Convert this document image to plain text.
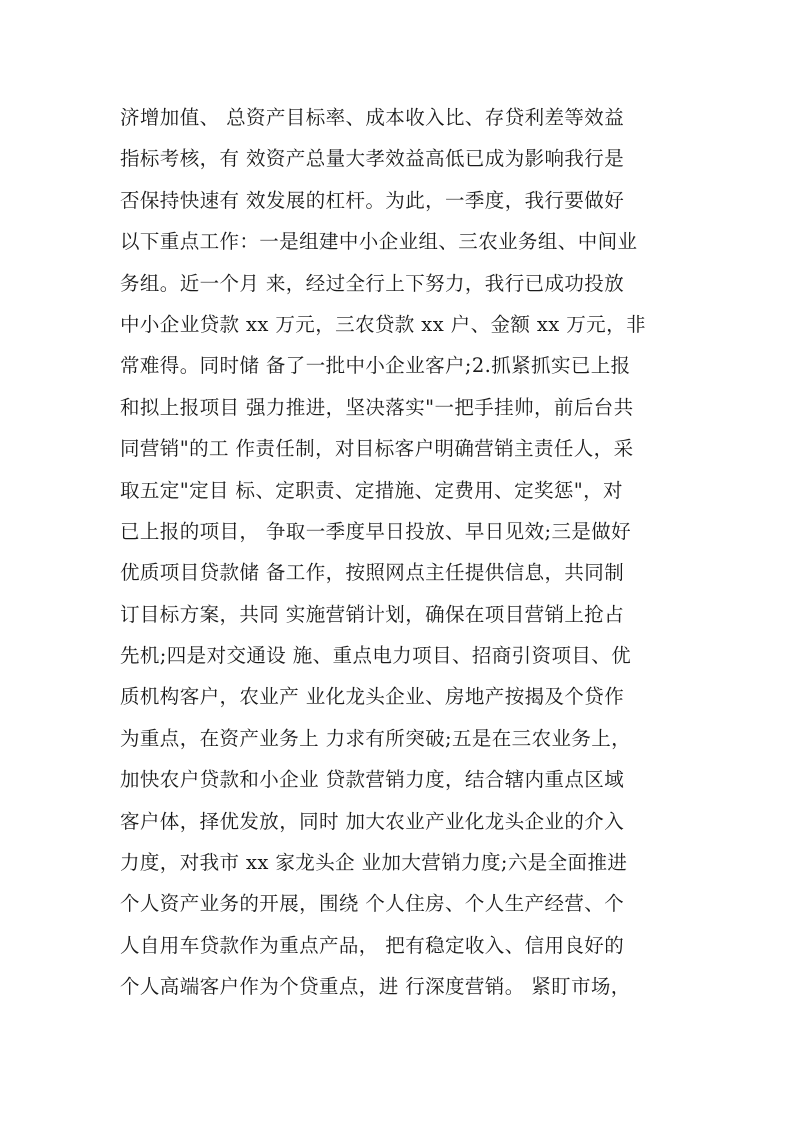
济增加值、 总资产目标率、成本收入比、存贷利差等效益
指标考核，有 效资产总量大孝效益高低已成为影响我行是
否保持快速有 效发展的杠杆。为此，一季度，我行要做好
以下重点工作：一是组建中小企业组、三农业务组、中间业
务组。近一个月 来，经过全行上下努力，我行已成功投放
中小企业贷款 xx 万元，三农贷款 xx 户、金额 xx 万元，非
常难得。同时储 备了一批中小企业客户;2.抓紧抓实已上报
和拟上报项目 强力推进，坚决落实"一把手挂帅，前后台共
同营销"的工 作责任制，对目标客户明确营销主责任人，采
取五定"定目 标、定职责、定措施、定费用、定奖惩"，对
已上报的项目， 争取一季度早日投放、早日见效;三是做好
优质项目贷款储 备工作，按照网点主任提供信息，共同制
订目标方案，共同 实施营销计划，确保在项目营销上抢占
先机;四是对交通设 施、重点电力项目、招商引资项目、优
质机构客户，农业产 业化龙头企业、房地产按揭及个贷作
为重点，在资产业务上 力求有所突破;五是在三农业务上，
加快农户贷款和小企业 贷款营销力度，结合辖内重点区域
客户体，择优发放，同时 加大农业产业化龙头企业的介入
力度，对我市 xx 家龙头企 业加大营销力度;六是全面推进
个人资产业务的开展，围绕 个人住房、个人生产经营、个
人自用车贷款作为重点产品， 把有稳定收入、信用良好的
个人高端客户作为个贷重点，进 行深度营销。 紧盯市场，
